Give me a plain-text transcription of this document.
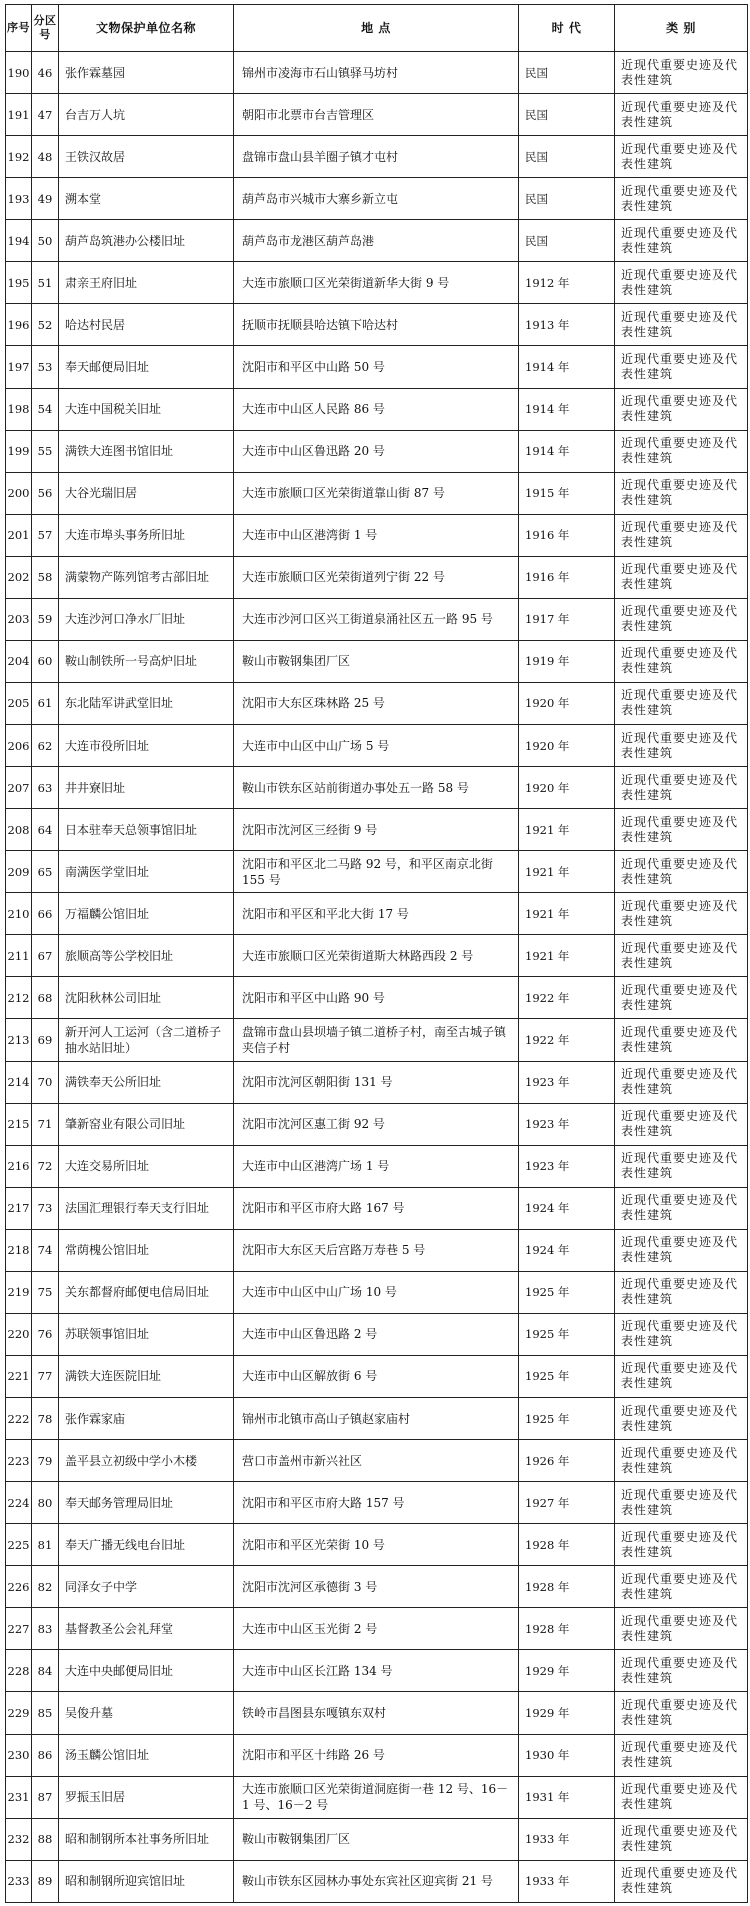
序号	分区号	文物保护单位名称	地 点	时 代	类 别
190	46	张作霖墓园	锦州市凌海市石山镇驿马坊村	民国	近现代重要史迹及代表性建筑
191	47	台吉万人坑	朝阳市北票市台吉管理区	民国	近现代重要史迹及代表性建筑
192	48	王铁汉故居	盘锦市盘山县羊圈子镇才屯村	民国	近现代重要史迹及代表性建筑
193	49	溯本堂	葫芦岛市兴城市大寨乡新立屯	民国	近现代重要史迹及代表性建筑
194	50	葫芦岛筑港办公楼旧址	葫芦岛市龙港区葫芦岛港	民国	近现代重要史迹及代表性建筑
195	51	肃亲王府旧址	大连市旅顺口区光荣街道新华大街 9 号	1912 年	近现代重要史迹及代表性建筑
196	52	哈达村民居	抚顺市抚顺县哈达镇下哈达村	1913 年	近现代重要史迹及代表性建筑
197	53	奉天邮便局旧址	沈阳市和平区中山路 50 号	1914 年	近现代重要史迹及代表性建筑
198	54	大连中国税关旧址	大连市中山区人民路 86 号	1914 年	近现代重要史迹及代表性建筑
199	55	满铁大连图书馆旧址	大连市中山区鲁迅路 20 号	1914 年	近现代重要史迹及代表性建筑
200	56	大谷光瑞旧居	大连市旅顺口区光荣街道靠山街 87 号	1915 年	近现代重要史迹及代表性建筑
201	57	大连市埠头事务所旧址	大连市中山区港湾街 1 号	1916 年	近现代重要史迹及代表性建筑
202	58	满蒙物产陈列馆考古部旧址	大连市旅顺口区光荣街道列宁街 22 号	1916 年	近现代重要史迹及代表性建筑
203	59	大连沙河口净水厂旧址	大连市沙河口区兴工街道泉涌社区五一路 95 号	1917 年	近现代重要史迹及代表性建筑
204	60	鞍山制铁所一号高炉旧址	鞍山市鞍钢集团厂区	1919 年	近现代重要史迹及代表性建筑
205	61	东北陆军讲武堂旧址	沈阳市大东区珠林路 25 号	1920 年	近现代重要史迹及代表性建筑
206	62	大连市役所旧址	大连市中山区中山广场 5 号	1920 年	近现代重要史迹及代表性建筑
207	63	井井寮旧址	鞍山市铁东区站前街道办事处五一路 58 号	1920 年	近现代重要史迹及代表性建筑
208	64	日本驻奉天总领事馆旧址	沈阳市沈河区三经街 9 号	1921 年	近现代重要史迹及代表性建筑
209	65	南满医学堂旧址	沈阳市和平区北二马路 92 号，和平区南京北街 155 号	1921 年	近现代重要史迹及代表性建筑
210	66	万福麟公馆旧址	沈阳市和平区和平北大街 17 号	1921 年	近现代重要史迹及代表性建筑
211	67	旅顺高等公学校旧址	大连市旅顺口区光荣街道斯大林路西段 2 号	1921 年	近现代重要史迹及代表性建筑
212	68	沈阳秋林公司旧址	沈阳市和平区中山路 90 号	1922 年	近现代重要史迹及代表性建筑
213	69	新开河人工运河（含二道桥子抽水站旧址）	盘锦市盘山县坝墙子镇二道桥子村，南至古城子镇夹信子村	1922 年	近现代重要史迹及代表性建筑
214	70	满铁奉天公所旧址	沈阳市沈河区朝阳街 131 号	1923 年	近现代重要史迹及代表性建筑
215	71	肇新窑业有限公司旧址	沈阳市沈河区惠工街 92 号	1923 年	近现代重要史迹及代表性建筑
216	72	大连交易所旧址	大连市中山区港湾广场 1 号	1923 年	近现代重要史迹及代表性建筑
217	73	法国汇理银行奉天支行旧址	沈阳市和平区市府大路 167 号	1924 年	近现代重要史迹及代表性建筑
218	74	常荫槐公馆旧址	沈阳市大东区天后宫路万寿巷 5 号	1924 年	近现代重要史迹及代表性建筑
219	75	关东都督府邮便电信局旧址	大连市中山区中山广场 10 号	1925 年	近现代重要史迹及代表性建筑
220	76	苏联领事馆旧址	大连市中山区鲁迅路 2 号	1925 年	近现代重要史迹及代表性建筑
221	77	满铁大连医院旧址	大连市中山区解放街 6 号	1925 年	近现代重要史迹及代表性建筑
222	78	张作霖家庙	锦州市北镇市高山子镇赵家庙村	1925 年	近现代重要史迹及代表性建筑
223	79	盖平县立初级中学小木楼	营口市盖州市新兴社区	1926 年	近现代重要史迹及代表性建筑
224	80	奉天邮务管理局旧址	沈阳市和平区市府大路 157 号	1927 年	近现代重要史迹及代表性建筑
225	81	奉天广播无线电台旧址	沈阳市和平区光荣街 10 号	1928 年	近现代重要史迹及代表性建筑
226	82	同泽女子中学	沈阳市沈河区承德街 3 号	1928 年	近现代重要史迹及代表性建筑
227	83	基督教圣公会礼拜堂	大连市中山区玉光街 2 号	1928 年	近现代重要史迹及代表性建筑
228	84	大连中央邮便局旧址	大连市中山区长江路 134 号	1929 年	近现代重要史迹及代表性建筑
229	85	吴俊升墓	铁岭市昌图县东嘎镇东双村	1929 年	近现代重要史迹及代表性建筑
230	86	汤玉麟公馆旧址	沈阳市和平区十纬路 26 号	1930 年	近现代重要史迹及代表性建筑
231	87	罗振玉旧居	大连市旅顺口区光荣街道洞庭街一巷 12 号、16－1 号、16－2 号	1931 年	近现代重要史迹及代表性建筑
232	88	昭和制钢所本社事务所旧址	鞍山市鞍钢集团厂区	1933 年	近现代重要史迹及代表性建筑
233	89	昭和制钢所迎宾馆旧址	鞍山市铁东区园林办事处东宾社区迎宾街 21 号	1933 年	近现代重要史迹及代表性建筑
